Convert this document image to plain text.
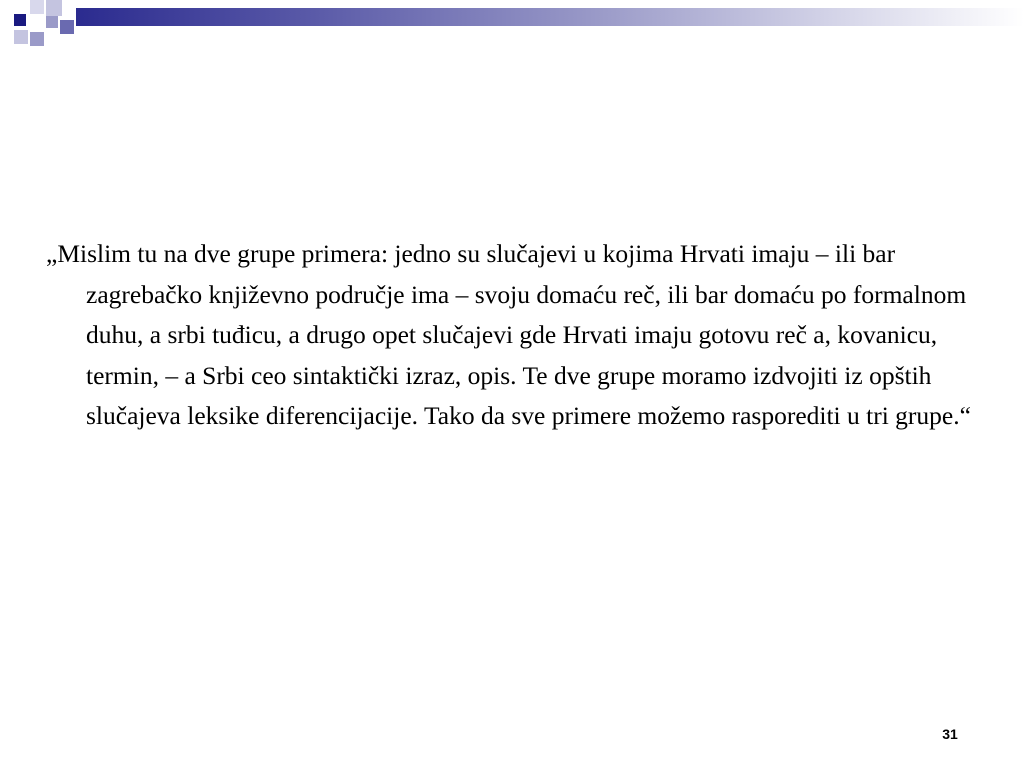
„Mislim tu na dve grupe primera: jedno su slučajevi u kojima Hrvati imaju – ili bar zagrebačko književno područje ima – svoju domaću reč, ili bar domaću po formalnom duhu, a srbi tuđicu, a drugo opet slučajevi gde Hrvati imaju gotovu reč a, kovanicu, termin, – a Srbi ceo sintaktički izraz, opis. Te dve grupe moramo izdvojiti iz opštih slučajeva leksike diferencijacije. Tako da sve primere možemo rasporediti u tri grupe.“

31
